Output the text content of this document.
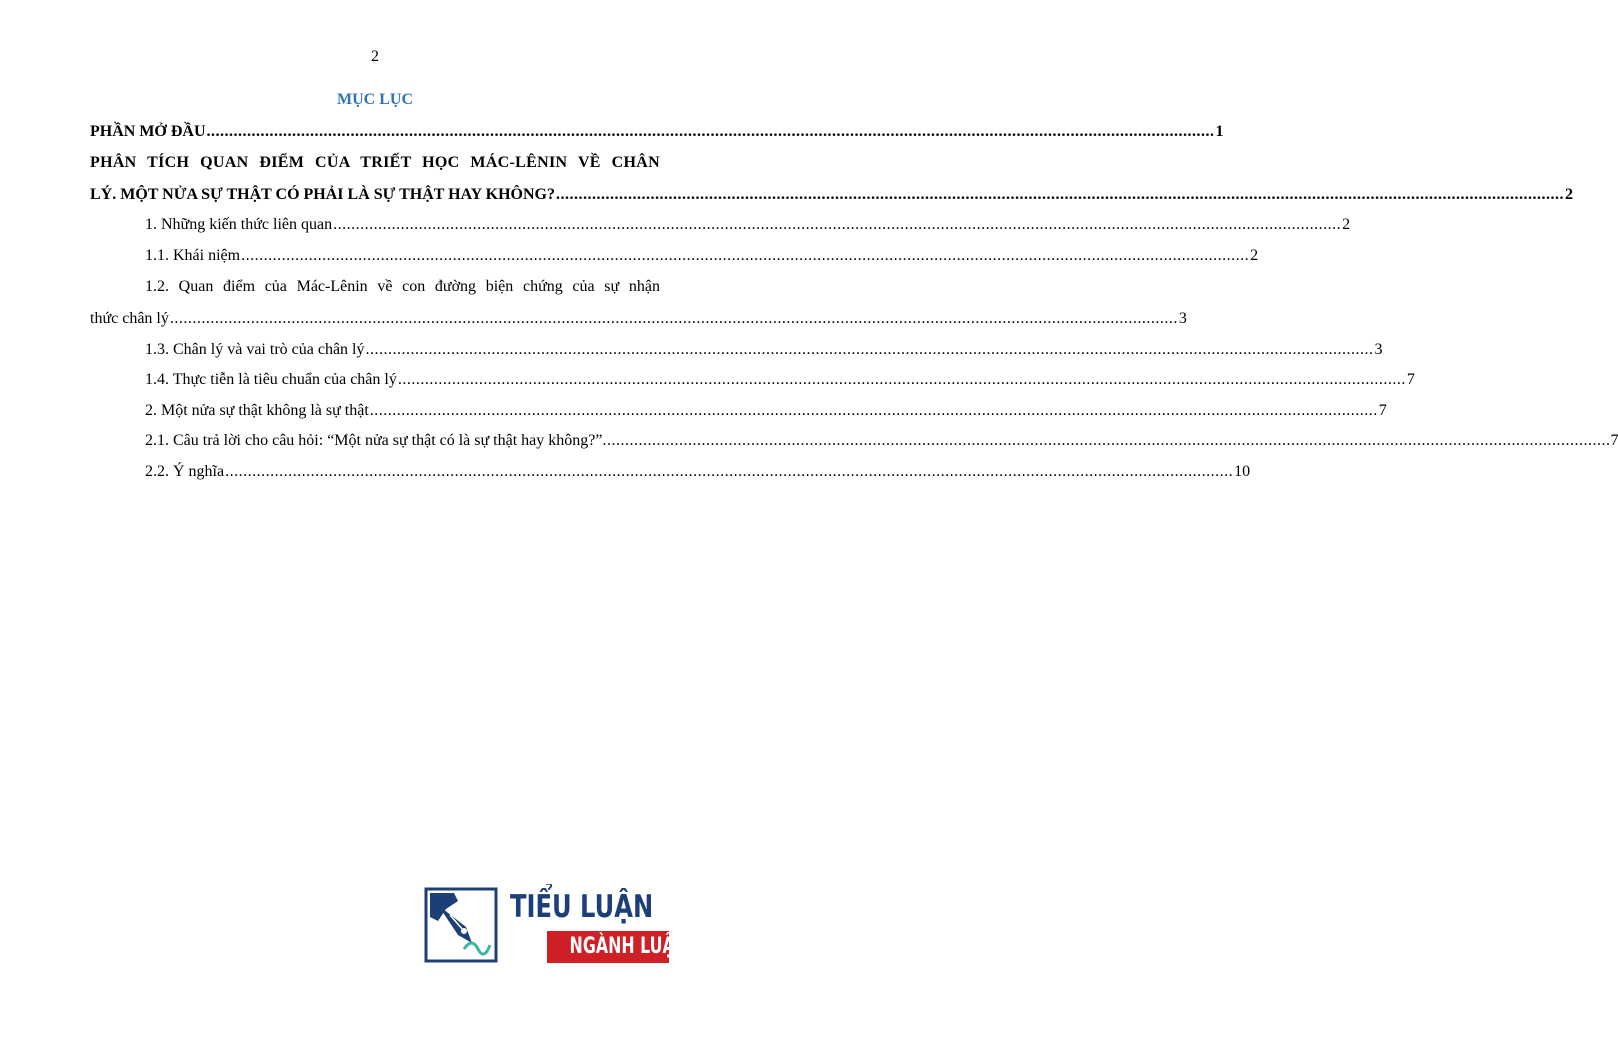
2
MỤC LỤC
PHẦN MỞ ĐẦU .....	1
PHÂN TÍCH QUAN ĐIỂM CỦA TRIẾT HỌC MÁC-LÊNIN VỀ CHÂN
LÝ. MỘT NỬA SỰ THẬT CÓ PHẢI LÀ SỰ THẬT HAY KHÔNG? .....	2
1. Những kiến thức liên quan .....	2
1.1. Khái niệm .....	2
1.2. Quan điểm của Mác-Lênin về con đường biện chứng của sự nhận
thức chân lý .....	3
1.3. Chân lý và vai trò của chân lý .....	3
1.4. Thực tiễn là tiêu chuẩn của chân lý .....	7
2. Một nửa sự thật không là sự thật .....	7
2.1. Câu trả lời cho câu hỏi: “Một nửa sự thật có là sự thật hay không?” .....	7
2.2. Ý nghĩa .....	10
TIỂU LUẬN
NGÀNH LUẬT
